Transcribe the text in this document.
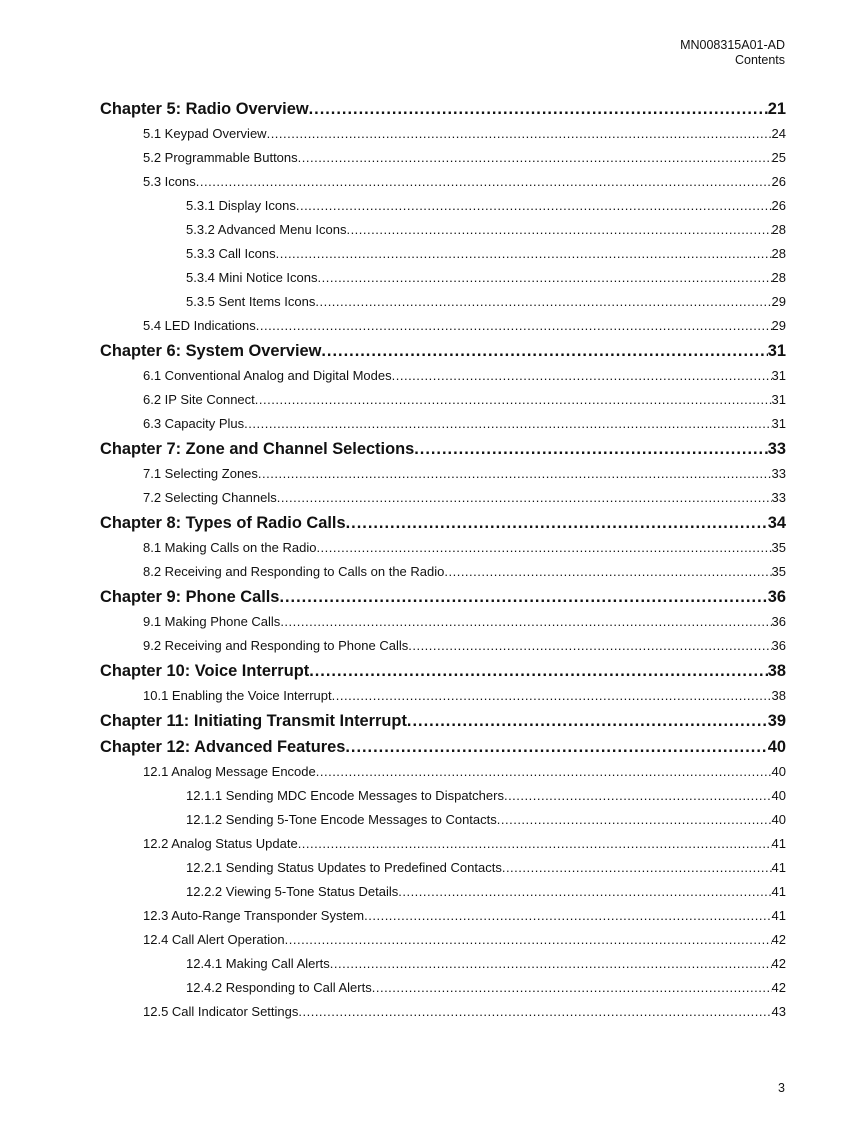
MN008315A01-AD
Contents
Chapter 5: Radio Overview .....	21
5.1 Keypad Overview .....	24
5.2 Programmable Buttons .....	25
5.3 Icons .....	26
5.3.1 Display Icons .....	26
5.3.2 Advanced Menu Icons .....	28
5.3.3 Call Icons .....	28
5.3.4 Mini Notice Icons .....	28
5.3.5 Sent Items Icons .....	29
5.4 LED Indications .....	29
Chapter 6: System Overview .....	31
6.1 Conventional Analog and Digital Modes .....	31
6.2 IP Site Connect .....	31
6.3 Capacity Plus .....	31
Chapter 7: Zone and Channel Selections .....	33
7.1 Selecting Zones .....	33
7.2 Selecting Channels .....	33
Chapter 8: Types of Radio Calls .....	34
8.1 Making Calls on the Radio .....	35
8.2 Receiving and Responding to Calls on the Radio .....	35
Chapter 9: Phone Calls .....	36
9.1 Making Phone Calls .....	36
9.2 Receiving and Responding to Phone Calls .....	36
Chapter 10: Voice Interrupt .....	38
10.1 Enabling the Voice Interrupt .....	38
Chapter 11: Initiating Transmit Interrupt .....	39
Chapter 12: Advanced Features .....	40
12.1 Analog Message Encode .....	40
12.1.1 Sending MDC Encode Messages to Dispatchers .....	40
12.1.2 Sending 5-Tone Encode Messages to Contacts .....	40
12.2 Analog Status Update .....	41
12.2.1 Sending Status Updates to Predefined Contacts .....	41
12.2.2 Viewing 5-Tone Status Details .....	41
12.3 Auto-Range Transponder System .....	41
12.4 Call Alert Operation .....	42
12.4.1 Making Call Alerts .....	42
12.4.2 Responding to Call Alerts .....	42
12.5 Call Indicator Settings .....	43
3
